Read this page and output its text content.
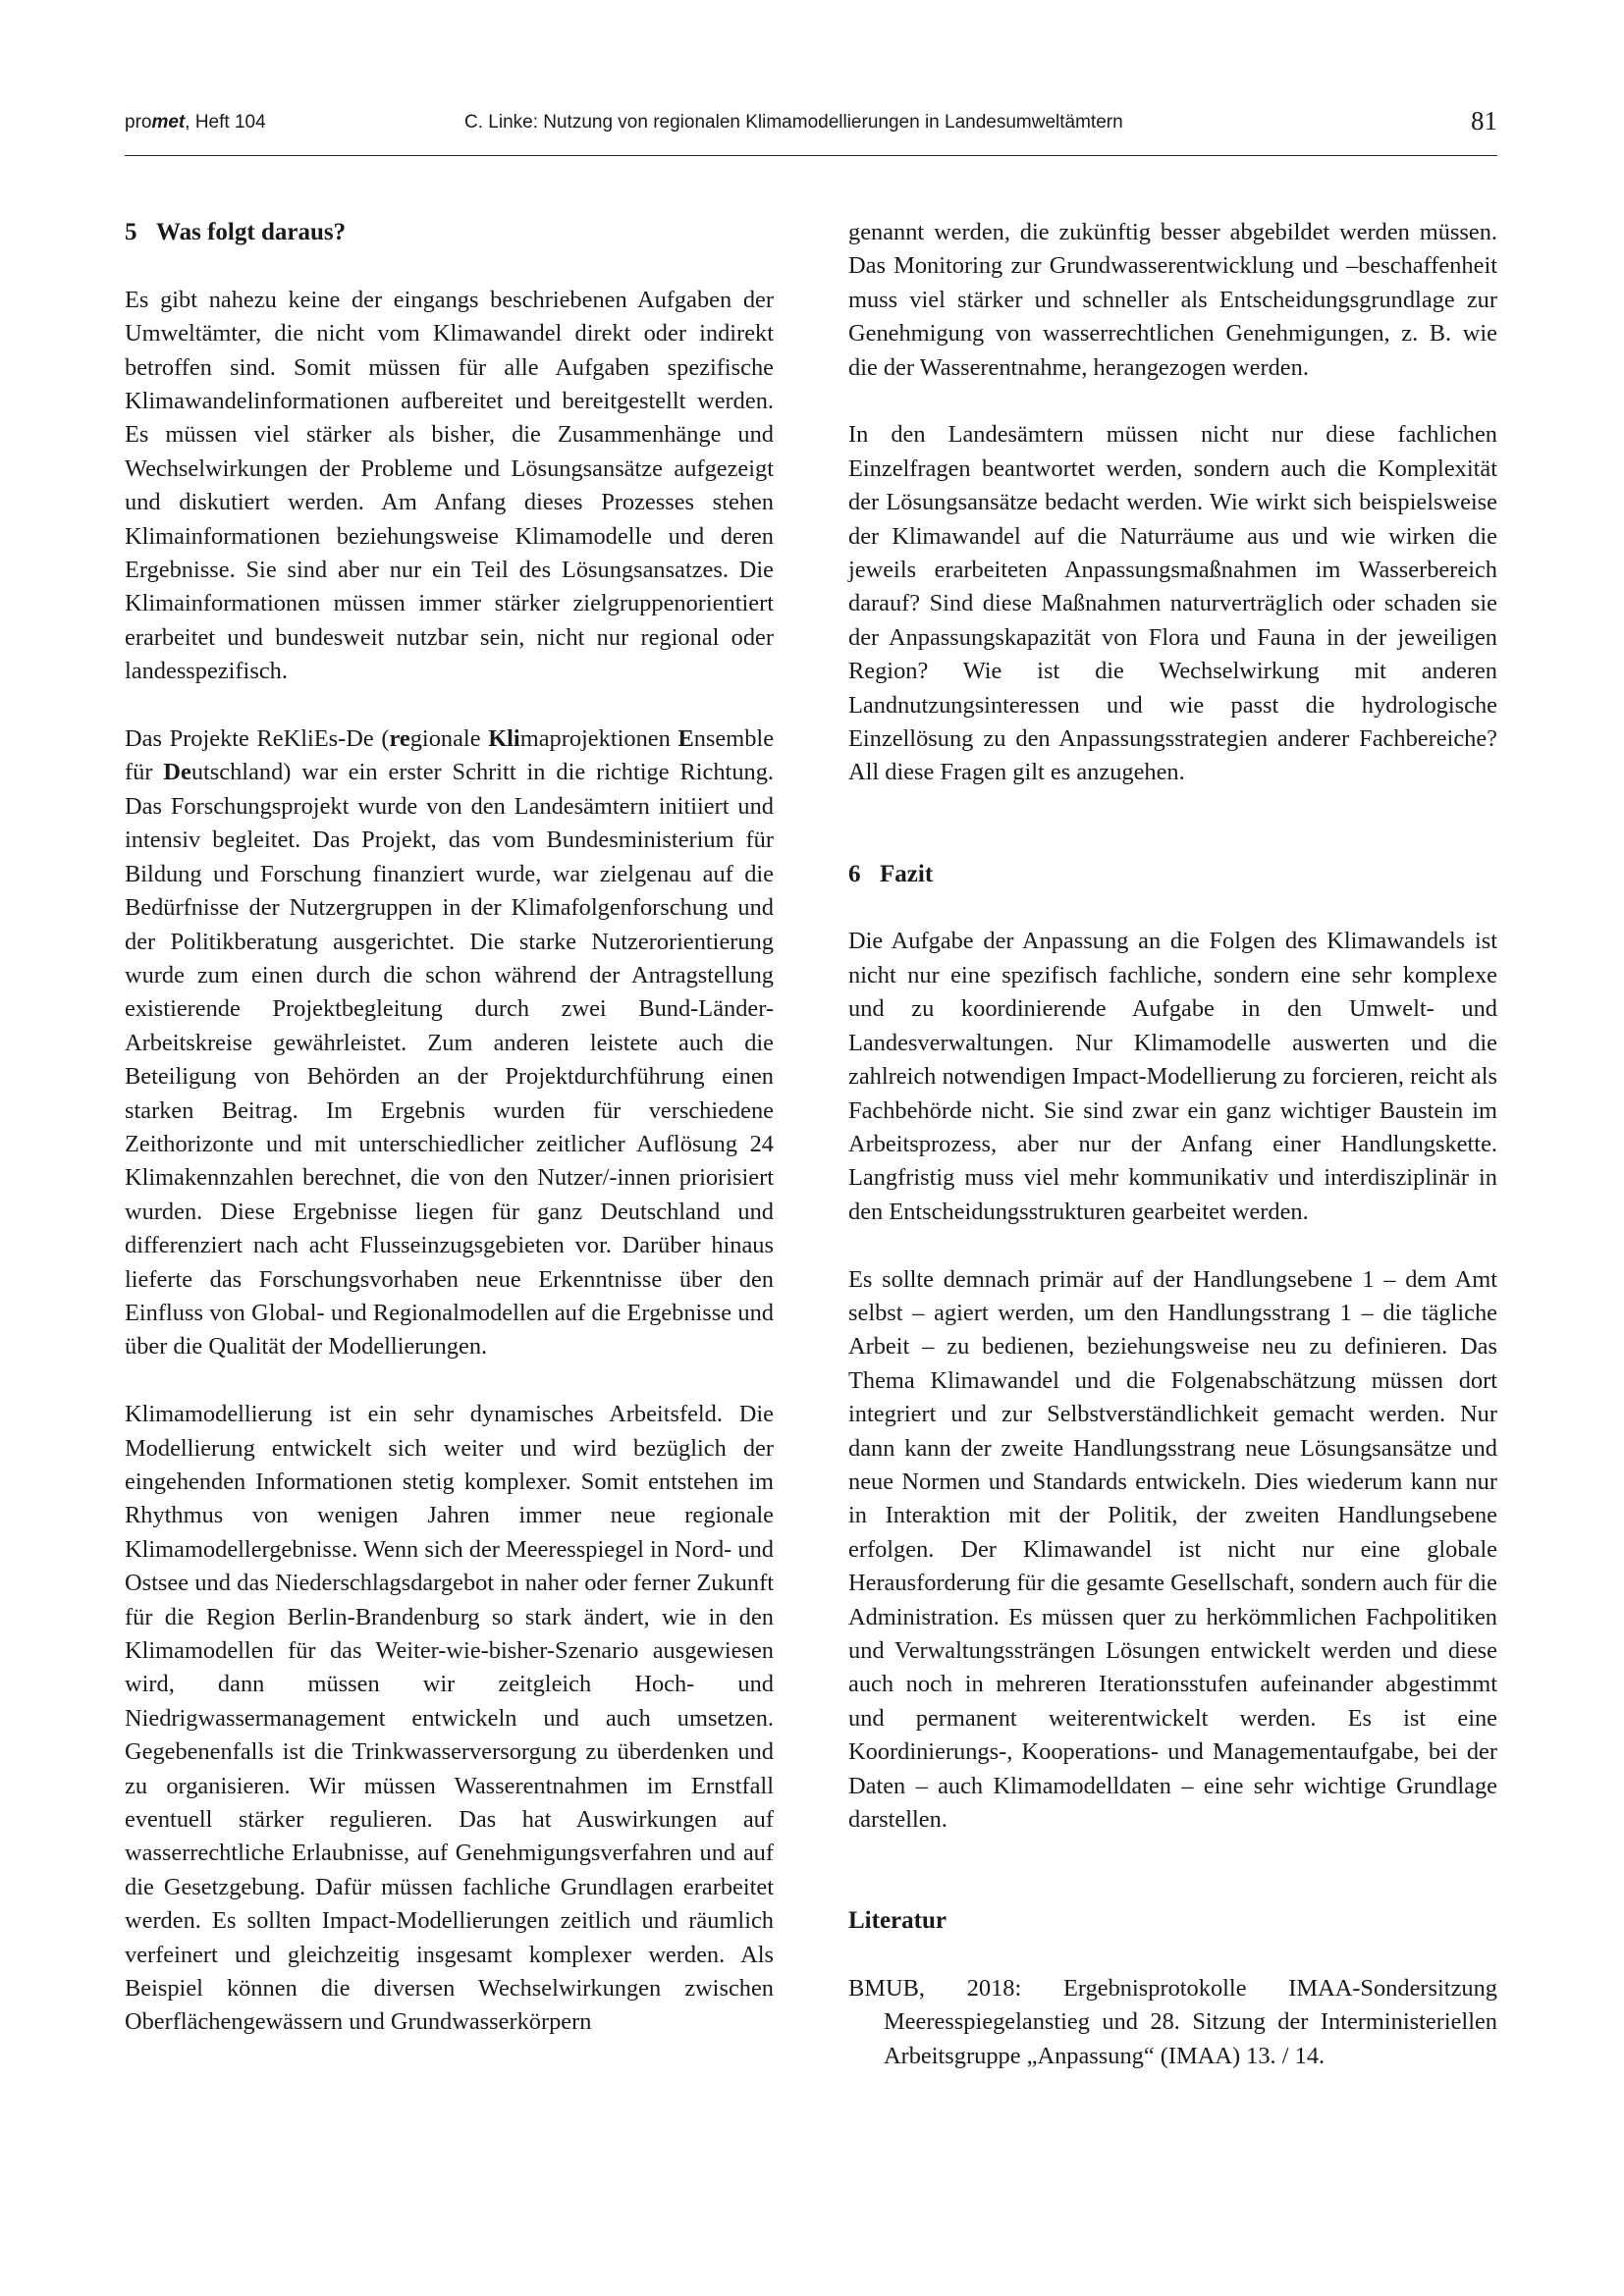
promet, Heft 104	C. Linke: Nutzung von regionalen Klimamodellierungen in Landesumweltämtern	81
5 Was folgt daraus?

Es gibt nahezu keine der eingangs beschriebenen Aufgaben der Umweltämter, die nicht vom Klimawandel direkt oder indirekt betroffen sind. Somit müssen für alle Aufgaben spezifische Klimawandelinformationen aufbereitet und bereitgestellt werden. Es müssen viel stärker als bisher, die Zusammenhänge und Wechselwirkungen der Probleme und Lösungsansätze aufgezeigt und diskutiert werden. Am Anfang dieses Prozesses stehen Klimainformationen beziehungsweise Klimamodelle und deren Ergebnisse. Sie sind aber nur ein Teil des Lösungsansatzes. Die Klimainformationen müssen immer stärker zielgruppenorientiert erarbeitet und bundesweit nutzbar sein, nicht nur regional oder landesspezifisch.

Das Projekte ReKliEs-De (regionale Klimaprojektionen Ensemble für Deutschland) war ein erster Schritt in die richtige Richtung. Das Forschungsprojekt wurde von den Landesämtern initiiert und intensiv begleitet. Das Projekt, das vom Bundesministerium für Bildung und Forschung finanziert wurde, war zielgenau auf die Bedürfnisse der Nutzergruppen in der Klimafolgenforschung und der Politikberatung ausgerichtet. Die starke Nutzerorientierung wurde zum einen durch die schon während der Antragstellung existierende Projektbegleitung durch zwei Bund-Länder-Arbeitskreise gewährleistet. Zum anderen leistete auch die Beteiligung von Behörden an der Projektdurchführung einen starken Beitrag. Im Ergebnis wurden für verschiedene Zeithorizonte und mit unterschiedlicher zeitlicher Auflösung 24 Klimakennzahlen berechnet, die von den Nutzer/-innen priorisiert wurden. Diese Ergebnisse liegen für ganz Deutschland und differenziert nach acht Flusseinzugsgebieten vor. Darüber hinaus lieferte das Forschungsvorhaben neue Erkenntnisse über den Einfluss von Global- und Regionalmodellen auf die Ergebnisse und über die Qualität der Modellierungen.

Klimamodellierung ist ein sehr dynamisches Arbeitsfeld. Die Modellierung entwickelt sich weiter und wird bezüglich der eingehenden Informationen stetig komplexer. Somit entstehen im Rhythmus von wenigen Jahren immer neue regionale Klimamodellergebnisse. Wenn sich der Meeresspiegel in Nord- und Ostsee und das Niederschlagsdargebot in naher oder ferner Zukunft für die Region Berlin-Brandenburg so stark ändert, wie in den Klimamodellen für das Weiter-wie-bisher-Szenario ausgewiesen wird, dann müssen wir zeitgleich Hoch- und Niedrigwassermanagement entwickeln und auch umsetzen. Gegebenenfalls ist die Trinkwasserversorgung zu überdenken und zu organisieren. Wir müssen Wasserentnahmen im Ernstfall eventuell stärker regulieren. Das hat Auswirkungen auf wasserrechtliche Erlaubnisse, auf Genehmigungsverfahren und auf die Gesetzgebung. Dafür müssen fachliche Grundlagen erarbeitet werden. Es sollten Impact-Modellierungen zeitlich und räumlich verfeinert und gleichzeitig insgesamt komplexer werden. Als Beispiel können die diversen Wechselwirkungen zwischen Oberflächengewässern und Grundwasserkörpern

genannt werden, die zukünftig besser abgebildet werden müssen. Das Monitoring zur Grundwasserentwicklung und –beschaffenheit muss viel stärker und schneller als Entscheidungsgrundlage zur Genehmigung von wasserrechtlichen Genehmigungen, z. B. wie die der Wasserentnahme, herangezogen werden.

In den Landesämtern müssen nicht nur diese fachlichen Einzelfragen beantwortet werden, sondern auch die Komplexität der Lösungsansätze bedacht werden. Wie wirkt sich beispielsweise der Klimawandel auf die Naturräume aus und wie wirken die jeweils erarbeiteten Anpassungsmaßnahmen im Wasserbereich darauf? Sind diese Maßnahmen naturverträglich oder schaden sie der Anpassungskapazität von Flora und Fauna in der jeweiligen Region? Wie ist die Wechselwirkung mit anderen Landnutzungsinteressen und wie passt die hydrologische Einzellösung zu den Anpassungsstrategien anderer Fachbereiche? All diese Fragen gilt es anzugehen.

6 Fazit

Die Aufgabe der Anpassung an die Folgen des Klimawandels ist nicht nur eine spezifisch fachliche, sondern eine sehr komplexe und zu koordinierende Aufgabe in den Umwelt- und Landesverwaltungen. Nur Klimamodelle auswerten und die zahlreich notwendigen Impact-Modellierung zu forcieren, reicht als Fachbehörde nicht. Sie sind zwar ein ganz wichtiger Baustein im Arbeitsprozess, aber nur der Anfang einer Handlungskette. Langfristig muss viel mehr kommunikativ und interdisziplinär in den Entscheidungsstrukturen gearbeitet werden.

Es sollte demnach primär auf der Handlungsebene 1 – dem Amt selbst – agiert werden, um den Handlungsstrang 1 – die tägliche Arbeit – zu bedienen, beziehungsweise neu zu definieren. Das Thema Klimawandel und die Folgenabschätzung müssen dort integriert und zur Selbstverständlichkeit gemacht werden. Nur dann kann der zweite Handlungsstrang neue Lösungsansätze und neue Normen und Standards entwickeln. Dies wiederum kann nur in Interaktion mit der Politik, der zweiten Handlungsebene erfolgen. Der Klimawandel ist nicht nur eine globale Herausforderung für die gesamte Gesellschaft, sondern auch für die Administration. Es müssen quer zu herkömmlichen Fachpolitiken und Verwaltungssträngen Lösungen entwickelt werden und diese auch noch in mehreren Iterationsstufen aufeinander abgestimmt und permanent weiterentwickelt werden. Es ist eine Koordinierungs-, Kooperations- und Managementaufgabe, bei der Daten – auch Klimamodelldaten – eine sehr wichtige Grundlage darstellen.

Literatur

BMUB, 2018: Ergebnisprotokolle IMAA-Sondersitzung Meeresspiegelanstieg und 28. Sitzung der Interministeriellen Arbeitsgruppe „Anpassung“ (IMAA) 13. / 14.
